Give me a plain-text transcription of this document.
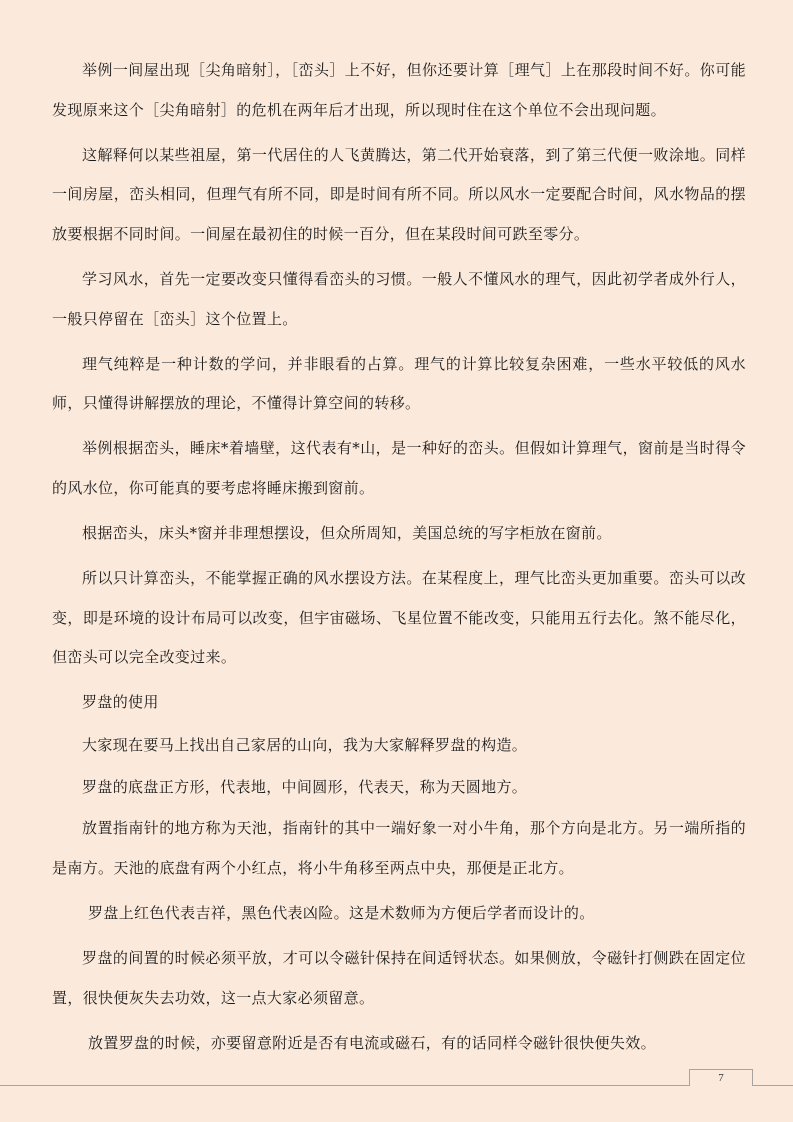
举例一间屋出现［尖角暗射］，［峦头］上不好，但你还要计算［理气］上在那段时间不好。你可能发现原来这个［尖角暗射］的危机在两年后才出现，所以现时住在这个单位不会出现问题。

这解释何以某些祖屋，第一代居住的人飞黄腾达，第二代开始衰落，到了第三代便一败涂地。同样一间房屋，峦头相同，但理气有所不同，即是时间有所不同。所以风水一定要配合时间，风水物品的摆放要根据不同时间。一间屋在最初住的时候一百分，但在某段时间可跌至零分。

学习风水，首先一定要改变只懂得看峦头的习惯。一般人不懂风水的理气，因此初学者成外行人，一般只停留在［峦头］这个位置上。

理气纯粹是一种计数的学问，并非眼看的占算。理气的计算比较复杂困难，一些水平较低的风水师，只懂得讲解摆放的理论，不懂得计算空间的转移。

举例根据峦头，睡床*着墙壁，这代表有*山，是一种好的峦头。但假如计算理气，窗前是当时得令的风水位，你可能真的要考虑将睡床搬到窗前。

根据峦头，床头*窗并非理想摆设，但众所周知，美国总统的写字柜放在窗前。

所以只计算峦头，不能掌握正确的风水摆设方法。在某程度上，理气比峦头更加重要。峦头可以改变，即是环境的设计布局可以改变，但宇宙磁场、飞星位置不能改变，只能用五行去化。煞不能尽化，但峦头可以完全改变过来。

罗盘的使用

大家现在要马上找出自己家居的山向，我为大家解释罗盘的构造。

罗盘的底盘正方形，代表地，中间圆形，代表天，称为天圆地方。

放置指南针的地方称为天池，指南针的其中一端好象一对小牛角，那个方向是北方。另一端所指的是南方。天池的底盘有两个小红点，将小牛角移至两点中央，那便是正北方。

罗盘上红色代表吉祥，黑色代表凶险。这是术数师为方便后学者而设计的。

罗盘的间置的时候必须平放，才可以令磁针保持在间适锊状态。如果侧放，令磁针打侧跌在固定位置，很快便灰失去功效，这一点大家必须留意。

放置罗盘的时候，亦要留意附近是否有电流或磁石，有的话同样令磁针很快便失效。

7
